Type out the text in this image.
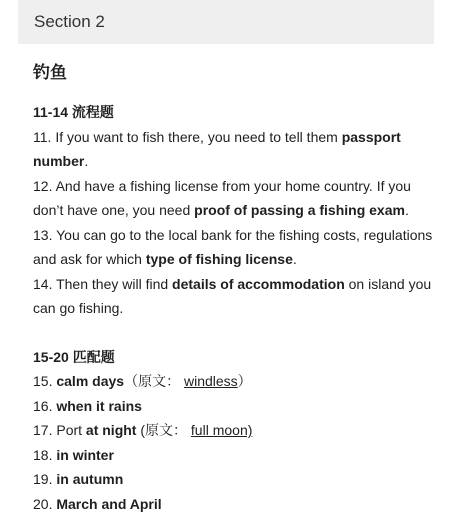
Section 2
钓鱼
11-14 流程题
11. If you want to fish there, you need to tell them passport number.
12. And have a fishing license from your home country. If you don’t have one, you need proof of passing a fishing exam.
13. You can go to the local bank for the fishing costs, regulations and ask for which type of fishing license.
14. Then they will find details of accommodation on island you can go fishing.
15-20 匹配题
15. calm days（原文： windless）
16. when it rains
17. Port at night (原文： full moon)
18. in winter
19. in autumn
20. March and April
